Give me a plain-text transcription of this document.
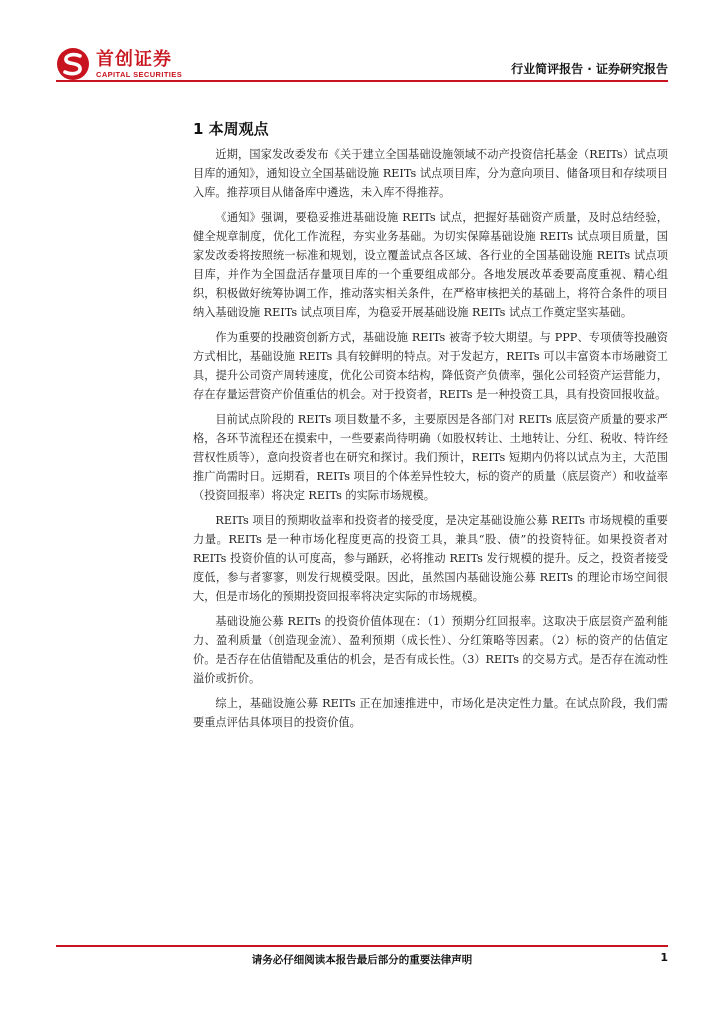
首创证券
CAPITAL SECURITIES	行业简评报告 · 证券研究报告
1 本周观点

近期，国家发改委发布《关于建立全国基础设施领域不动产投资信托基金（REITs）试点项目库的通知》，通知设立全国基础设施 REITs 试点项目库，分为意向项目、储备项目和存续项目入库。推荐项目从储备库中遴选，未入库不得推荐。

《通知》强调，要稳妥推进基础设施 REITs 试点，把握好基础资产质量，及时总结经验，健全规章制度，优化工作流程，夯实业务基础。为切实保障基础设施 REITs 试点项目质量，国家发改委将按照统一标准和规划，设立覆盖试点各区域、各行业的全国基础设施 REITs 试点项目库，并作为全国盘活存量项目库的一个重要组成部分。各地发展改革委要高度重视、精心组织，积极做好统筹协调工作，推动落实相关条件，在严格审核把关的基础上，将符合条件的项目纳入基础设施 REITs 试点项目库，为稳妥开展基础设施 REITs 试点工作奠定坚实基础。

作为重要的投融资创新方式，基础设施 REITs 被寄予较大期望。与 PPP、专项债等投融资方式相比，基础设施 REITs 具有较鲜明的特点。对于发起方，REITs 可以丰富资本市场融资工具，提升公司资产周转速度，优化公司资本结构，降低资产负债率，强化公司轻资产运营能力，存在存量运营资产价值重估的机会。对于投资者，REITs 是一种投资工具，具有投资回报收益。

目前试点阶段的 REITs 项目数量不多，主要原因是各部门对 REITs 底层资产质量的要求严格，各环节流程还在摸索中，一些要素尚待明确（如股权转让、土地转让、分红、税收、特许经营权性质等），意向投资者也在研究和探讨。我们预计，REITs 短期内仍将以试点为主，大范围推广尚需时日。远期看，REITs 项目的个体差异性较大，标的资产的质量（底层资产）和收益率（投资回报率）将决定 REITs 的实际市场规模。

REITs 项目的预期收益率和投资者的接受度，是决定基础设施公募 REITs 市场规模的重要力量。REITs 是一种市场化程度更高的投资工具，兼具“股、债”的投资特征。如果投资者对 REITs 投资价值的认可度高，参与踊跃，必将推动 REITs 发行规模的提升。反之，投资者接受度低，参与者寥寥，则发行规模受限。因此，虽然国内基础设施公募 REITs 的理论市场空间很大，但是市场化的预期投资回报率将决定实际的市场规模。

基础设施公募 REITs 的投资价值体现在：（1）预期分红回报率。这取决于底层资产盈利能力、盈利质量（创造现金流）、盈利预期（成长性）、分红策略等因素。（2）标的资产的估值定价。是否存在估值错配及重估的机会，是否有成长性。（3）REITs 的交易方式。是否存在流动性溢价或折价。

综上，基础设施公募 REITs 正在加速推进中，市场化是决定性力量。在试点阶段，我们需要重点评估具体项目的投资价值。

请务必仔细阅读本报告最后部分的重要法律声明	1
